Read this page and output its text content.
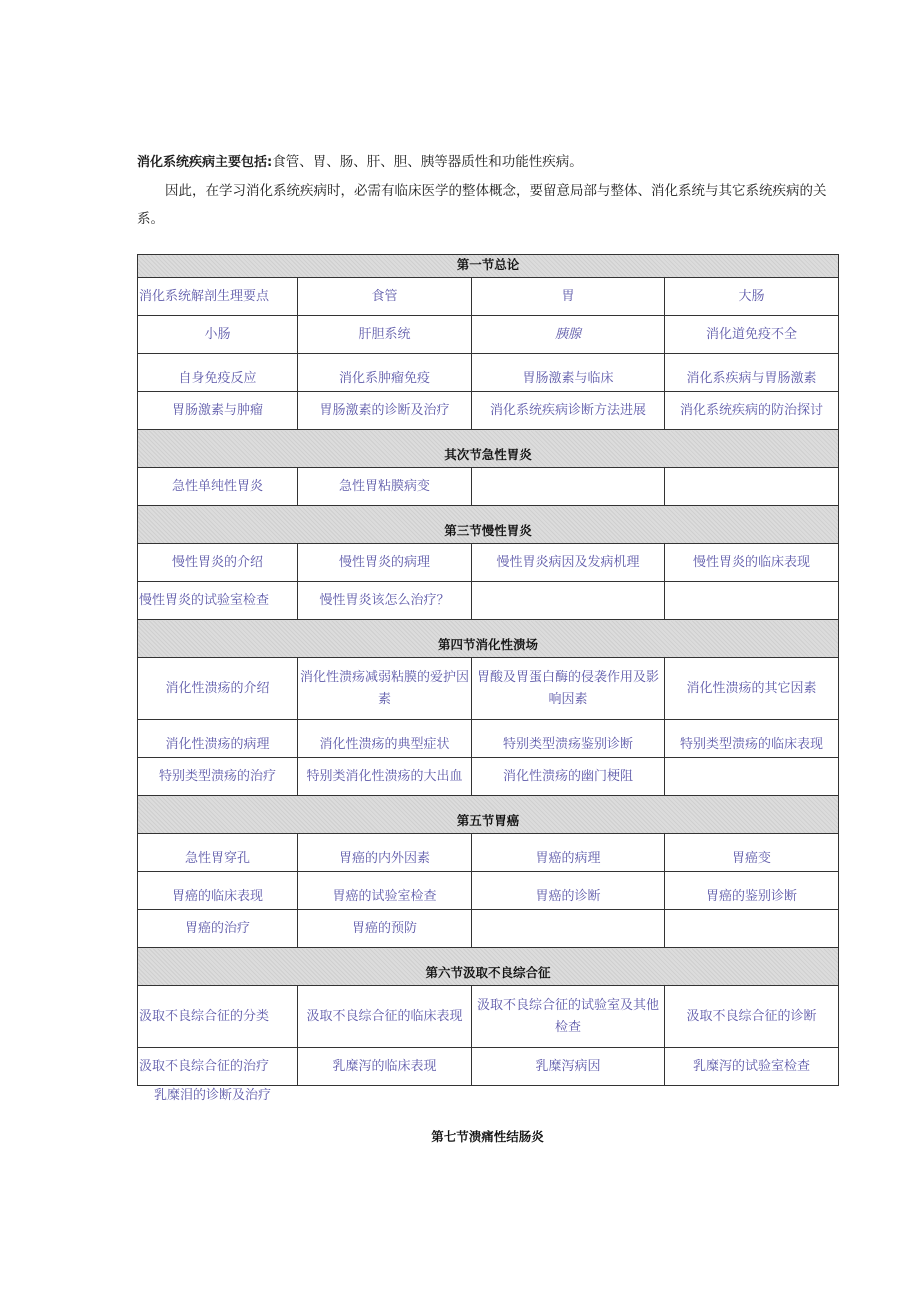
消化系统疾病主要包括:食管、胃、肠、肝、胆、胰等器质性和功能性疾病。

因此，在学习消化系统疾病时，必需有临床医学的整体概念，要留意局部与整体、消化系统与其它系统疾病的关系。

第一节总论			
消化系统解剖生理要点	食管	胃	大肠
小肠	肝胆系统	胰腺	消化道免疫不全
自身免疫反应	消化系肿瘤免疫	胃肠激素与临床	消化系疾病与胃肠激素
胃肠激素与肿瘤	胃肠激素的诊断及治疗	消化系统疾病诊断方法进展	消化系统疾病的防治探讨
其次节急性胃炎			
急性单纯性胃炎	急性胃粘膜病变		
第三节慢性胃炎			
慢性胃炎的介绍	慢性胃炎的病理	慢性胃炎病因及发病机理	慢性胃炎的临床表现
慢性胃炎的试验室检查	慢性胃炎该怎么治疗？		
第四节消化性溃场			
消化性溃疡的介绍	消化性溃疡减弱粘膜的爱护因素	胃酸及胃蛋白酶的侵袭作用及影响因素	消化性溃疡的其它因素
消化性溃疡的病理	消化性溃疡的典型症状	特别类型溃疡鉴别诊断	特别类型溃疡的临床表现
特别类型溃疡的治疗	特别类消化性溃疡的大出血	消化性溃疡的幽门梗阻	
第五节胃癌			
急性胃穿孔	胃癌的内外因素	胃癌的病理	胃癌变
胃癌的临床表现	胃癌的试验室检查	胃癌的诊断	胃癌的鉴别诊断
胃癌的治疗	胃癌的预防		
第六节汲取不良综合征			
汲取不良综合征的分类	汲取不良综合征的临床表现	汲取不良综合征的试验室及其他检查	汲取不良综合征的诊断
汲取不良综合征的治疗	乳糜泻的临床表现	乳糜泻病因	乳糜泻的试验室检查
乳糜泪的诊断及治疗
第七节溃痛性结肠炎
